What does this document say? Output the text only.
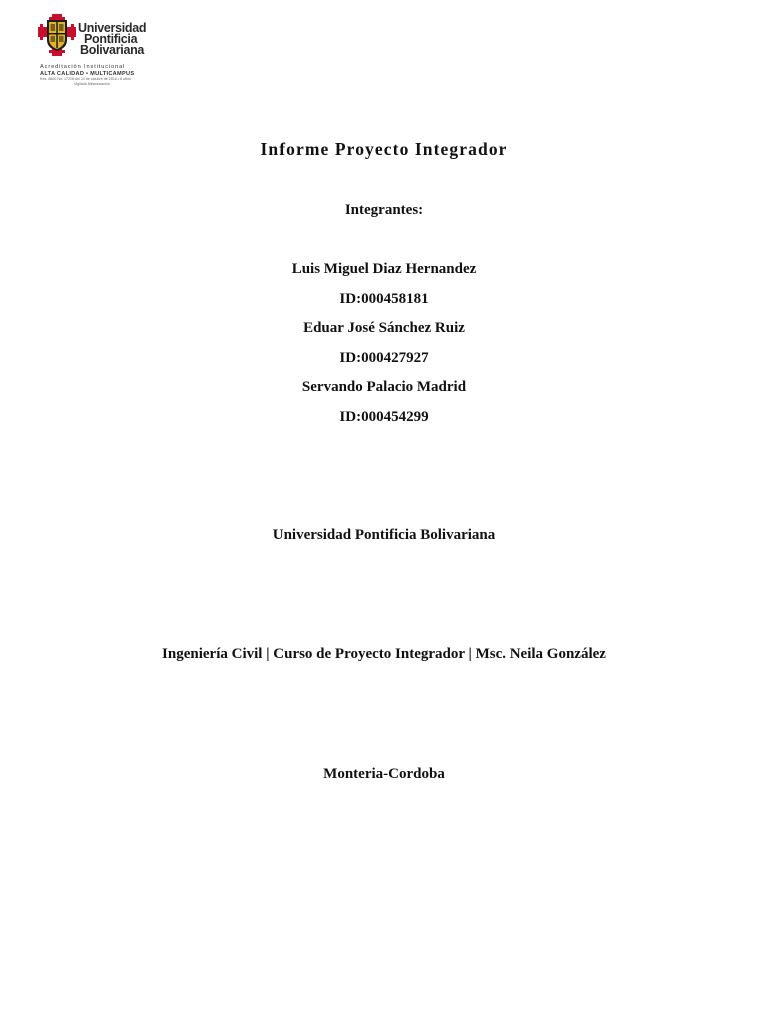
Universidad
Pontificia
Bolivariana
Acreditación Institucional
ALTA CALIDAD • MULTICAMPUS
Res. 8800 No. 17228 del 24 de octubre de 2018 • 8 años
Vigilada Mineducación
Informe Proyecto Integrador
Integrantes:
Luis Miguel Diaz Hernandez
ID:000458181
Eduar José Sánchez Ruiz
ID:000427927
Servando Palacio Madrid
ID:000454299
Universidad Pontificia Bolivariana
Ingeniería Civil | Curso de Proyecto Integrador | Msc. Neila González
Monteria-Cordoba
